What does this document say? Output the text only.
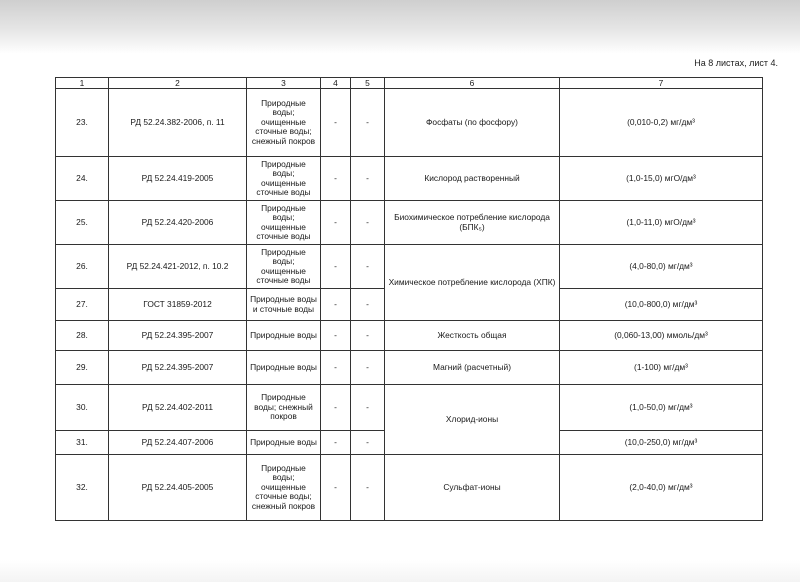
На 8 листах, лист 4.
1	2	3	4	5	6	7
23.	РД 52.24.382-2006, п. 11	Природные воды; очищенные сточные воды; снежный покров	-	-	Фосфаты (по фосфору)	(0,010-0,2) мг/дм³
24.	РД 52.24.419-2005	Природные воды; очищенные сточные воды	-	-	Кислород растворенный	(1,0-15,0) мгО/дм³
25.	РД 52.24.420-2006	Природные воды; очищенные сточные воды	-	-	Биохимическое потребление кислорода (БПК₅)	(1,0-11,0) мгО/дм³
26.	РД 52.24.421-2012, п. 10.2	Природные воды; очищенные сточные воды	-	-	Химическое потребление кислорода (ХПК)	(4,0-80,0) мг/дм³
27.	ГОСТ 31859-2012	Природные воды и сточные воды	-	-		(10,0-800,0) мг/дм³
28.	РД 52.24.395-2007	Природные воды	-	-	Жесткость общая	(0,060-13,00) ммоль/дм³
29.	РД 52.24.395-2007	Природные воды	-	-	Магний (расчетный)	(1-100) мг/дм³
30.	РД 52.24.402-2011	Природные воды; снежный покров	-	-	Хлорид-ионы	(1,0-50,0) мг/дм³
31.	РД 52.24.407-2006	Природные воды	-	-		(10,0-250,0) мг/дм³
32.	РД 52.24.405-2005	Природные воды; очищенные сточные воды; снежный покров	-	-	Сульфат-ионы	(2,0-40,0) мг/дм³
